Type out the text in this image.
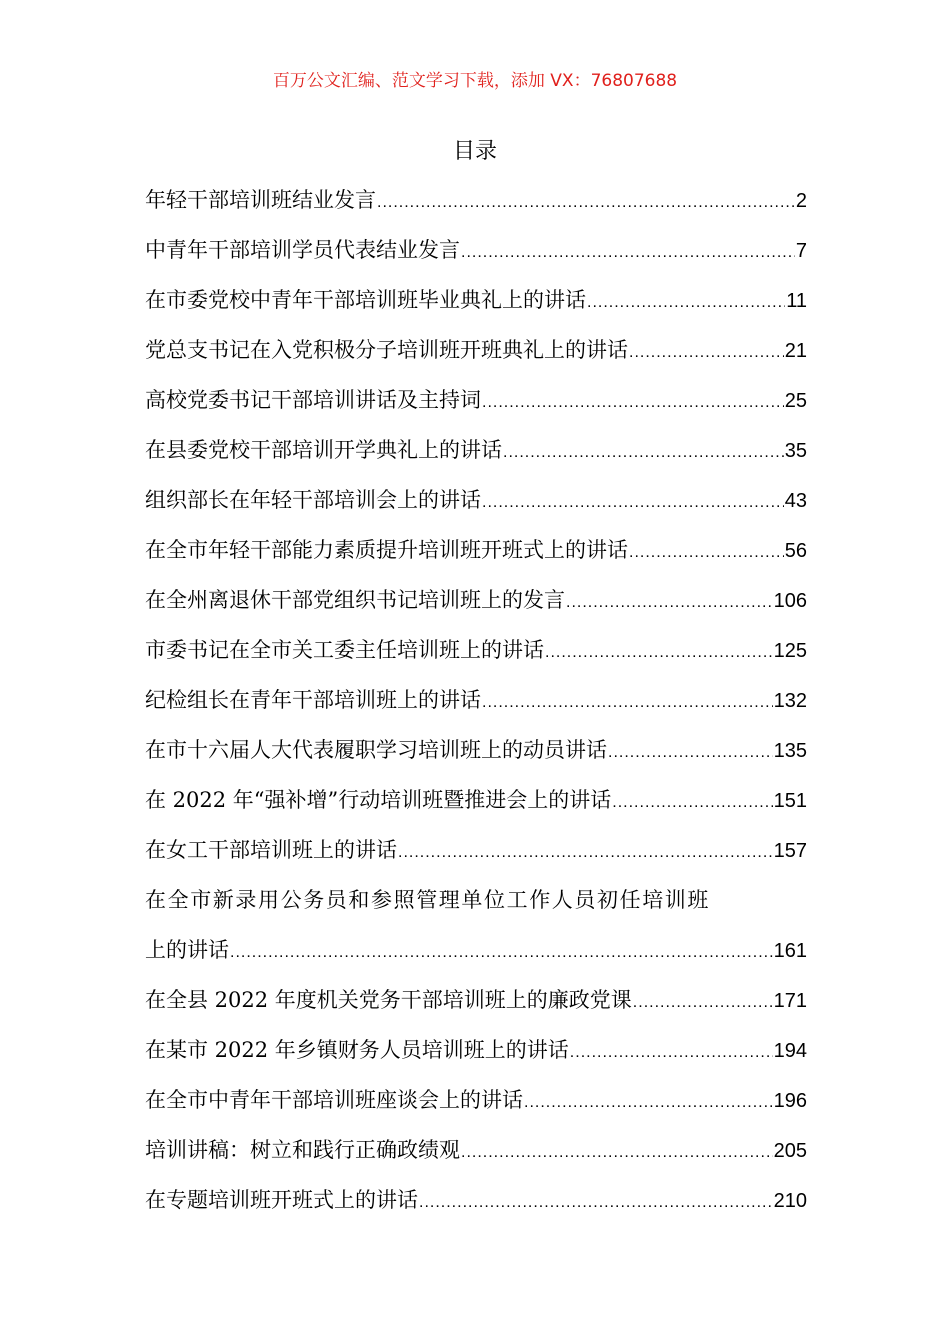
百万公文汇编、范文学习下载，添加 VX：76807688
目录
年轻干部培训班结业发言 .....	2
中青年干部培训学员代表结业发言 .....	7
在市委党校中青年干部培训班毕业典礼上的讲话 .....	11
党总支书记在入党积极分子培训班开班典礼上的讲话 .....	21
高校党委书记干部培训讲话及主持词 .....	25
在县委党校干部培训开学典礼上的讲话 .....	35
组织部长在年轻干部培训会上的讲话 .....	43
在全市年轻干部能力素质提升培训班开班式上的讲话 .....	56
在全州离退休干部党组织书记培训班上的发言 .....	106
市委书记在全市关工委主任培训班上的讲话 .....	125
纪检组长在青年干部培训班上的讲话 .....	132
在市十六届人大代表履职学习培训班上的动员讲话 .....	135
在 2022 年“强补增”行动培训班暨推进会上的讲话 .....	151
在女工干部培训班上的讲话 .....	157
在全市新录用公务员和参照管理单位工作人员初任培训班
上的讲话 .....	161
在全县 2022 年度机关党务干部培训班上的廉政党课 .....	171
在某市 2022 年乡镇财务人员培训班上的讲话 .....	194
在全市中青年干部培训班座谈会上的讲话 .....	196
培训讲稿：树立和践行正确政绩观 .....	205
在专题培训班开班式上的讲话 .....	210
